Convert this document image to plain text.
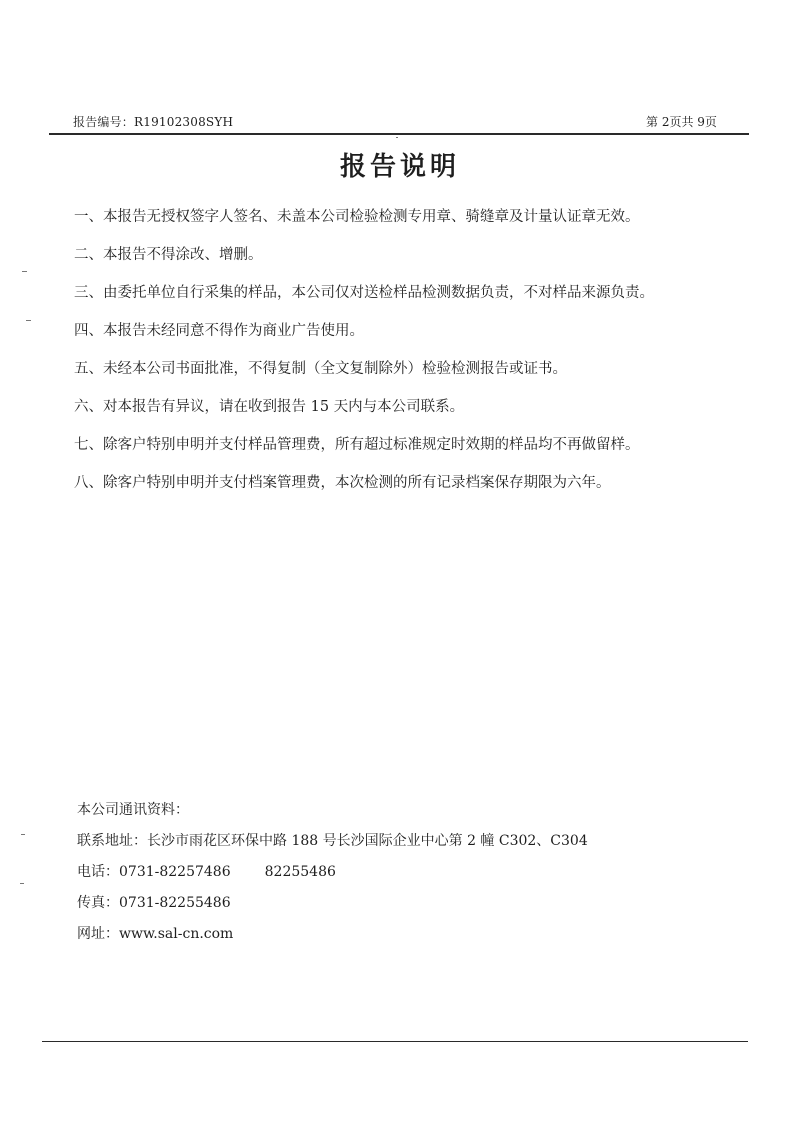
报告编号：R19102308SYH	第 2页共 9页
报告说明
一、本报告无授权签字人签名、未盖本公司检验检测专用章、骑缝章及计量认证章无效。
二、本报告不得涂改、增删。
三、由委托单位自行采集的样品，本公司仅对送检样品检测数据负责，不对样品来源负责。
四、本报告未经同意不得作为商业广告使用。
五、未经本公司书面批准，不得复制（全文复制除外）检验检测报告或证书。
六、对本报告有异议，请在收到报告 15 天内与本公司联系。
七、除客户特别申明并支付样品管理费，所有超过标准规定时效期的样品均不再做留样。
八、除客户特别申明并支付档案管理费，本次检测的所有记录档案保存期限为六年。
本公司通讯资料：
联系地址：长沙市雨花区环保中路 188 号长沙国际企业中心第 2 幢 C302、C304
电话：0731-82257486 82255486
传真：0731-82255486
网址：www.sal-cn.com
